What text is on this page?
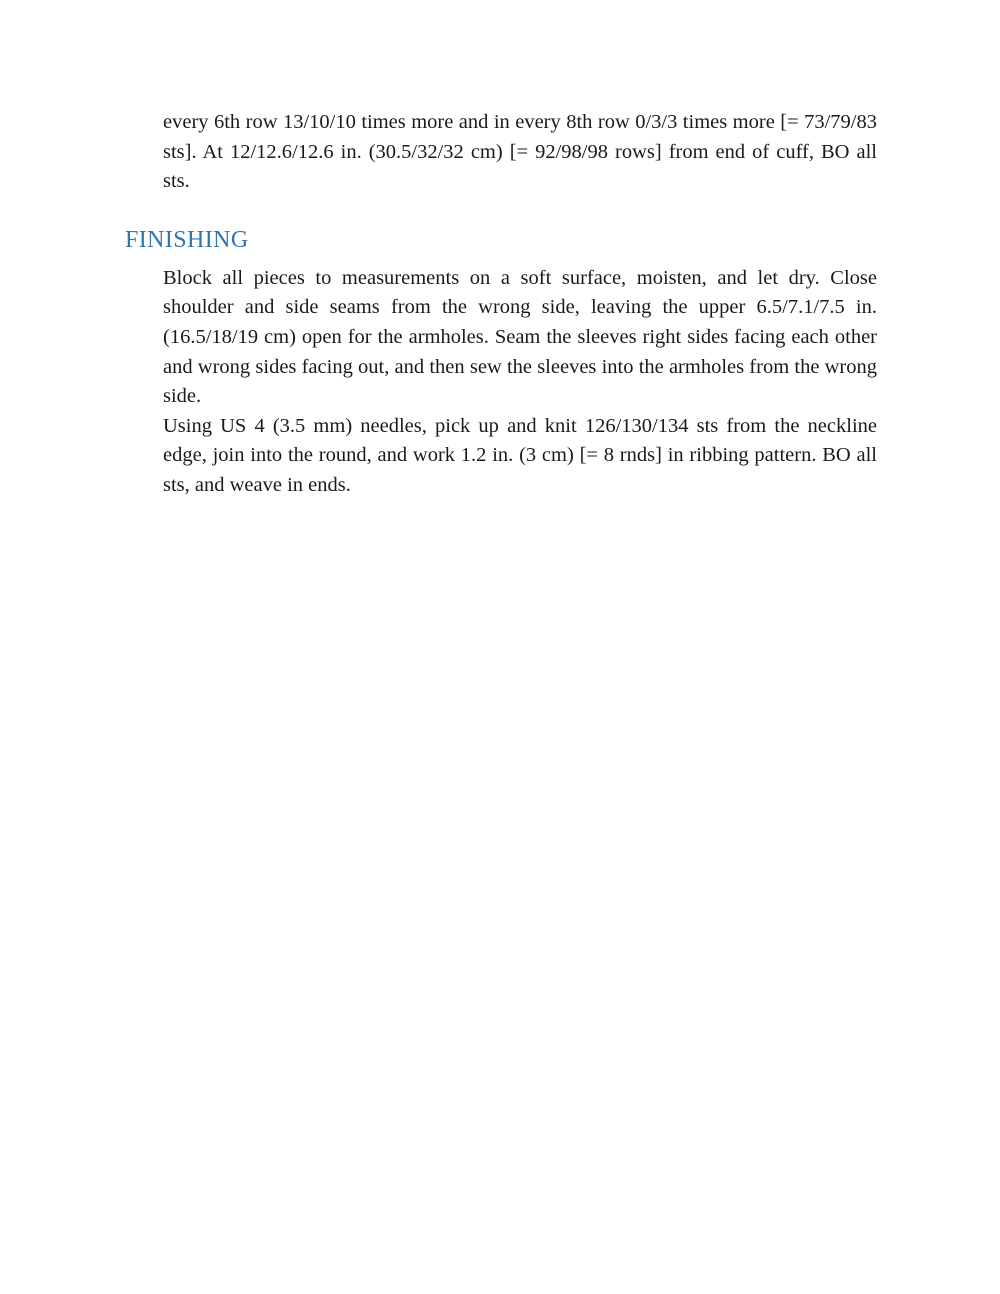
every 6th row 13/10/10 times more and in every 8th row 0/3/3 times more [= 73/79/83 sts]. At 12/12.6/12.6 in. (30.5/32/32 cm) [= 92/98/98 rows] from end of cuff, BO all sts.

FINISHING

Block all pieces to measurements on a soft surface, moisten, and let dry. Close shoulder and side seams from the wrong side, leaving the upper 6.5/7.1/7.5 in. (16.5/18/19 cm) open for the armholes. Seam the sleeves right sides facing each other and wrong sides facing out, and then sew the sleeves into the armholes from the wrong side.

Using US 4 (3.5 mm) needles, pick up and knit 126/130/134 sts from the neckline edge, join into the round, and work 1.2 in. (3 cm) [= 8 rnds] in ribbing pattern. BO all sts, and weave in ends.
